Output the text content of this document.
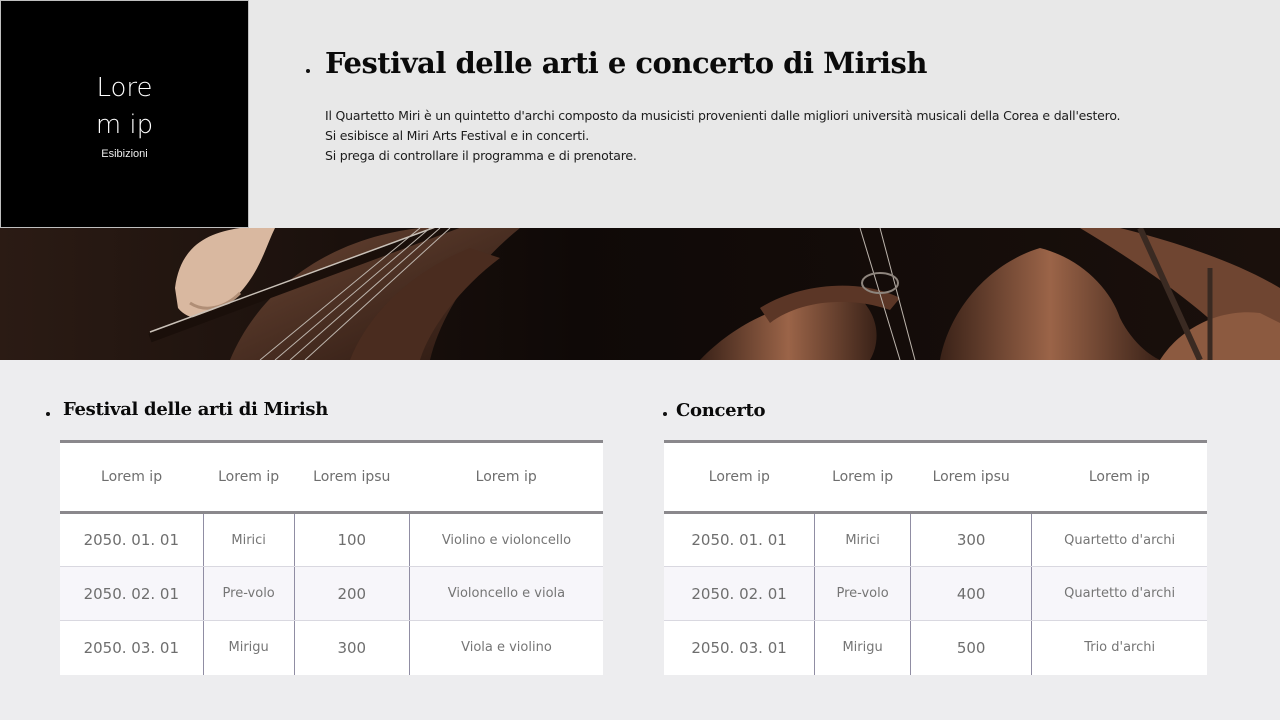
Lore
m ip
Esibizioni
Festival delle arti e concerto di Mirish
Il Quartetto Miri è un quintetto d'archi composto da musicisti provenienti dalle migliori università musicali della Corea e dall'estero.
Si esibisce al Miri Arts Festival e in concerti.
Si prega di controllare il programma e di prenotare.
Festival delle arti di Mirish	Concerto
Lorem ip	Lorem ip	Lorem ipsu	Lorem ip
2050. 01. 01	Mirici	100	Violino e violoncello
2050. 02. 01	Pre-volo	200	Violoncello e viola
2050. 03. 01	Mirigu	300	Viola e violino
Lorem ip	Lorem ip	Lorem ipsu	Lorem ip
2050. 01. 01	Mirici	300	Quartetto d'archi
2050. 02. 01	Pre-volo	400	Quartetto d'archi
2050. 03. 01	Mirigu	500	Trio d'archi
